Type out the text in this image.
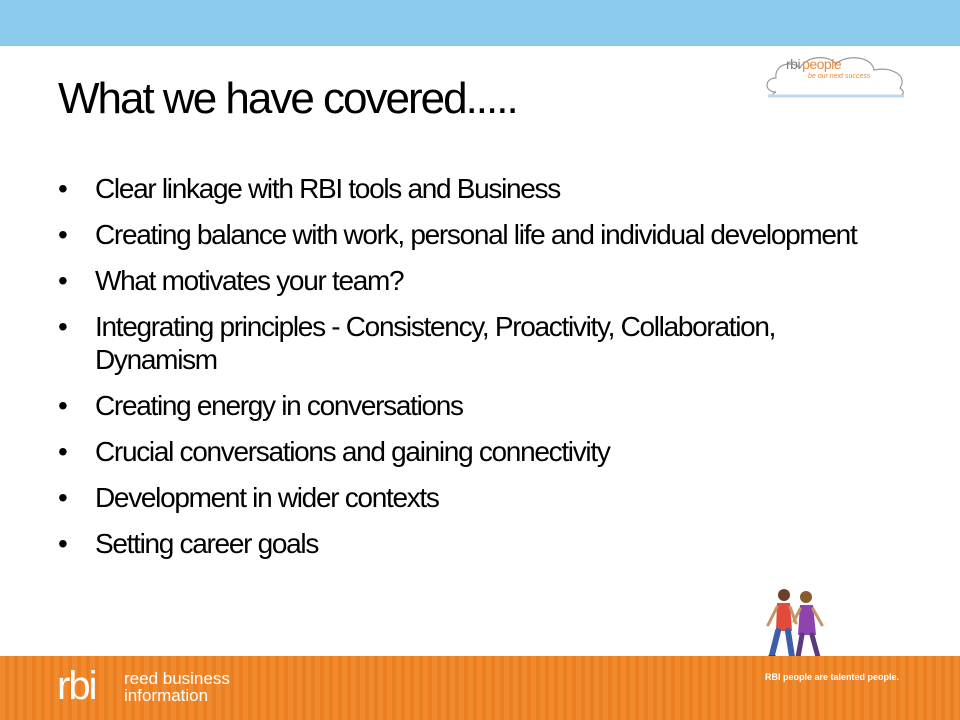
rbi people
be our next success
What we have covered.....
• Clear linkage with RBI tools and Business
• Creating balance with work, personal life and individual development
• What motivates your team?
• Integrating principles - Consistency, Proactivity, Collaboration, Dynamism
• Creating energy in conversations
• Crucial conversations and gaining connectivity
• Development in wider contexts
• Setting career goals
rbi reed business
information
RBI people are talented people.
